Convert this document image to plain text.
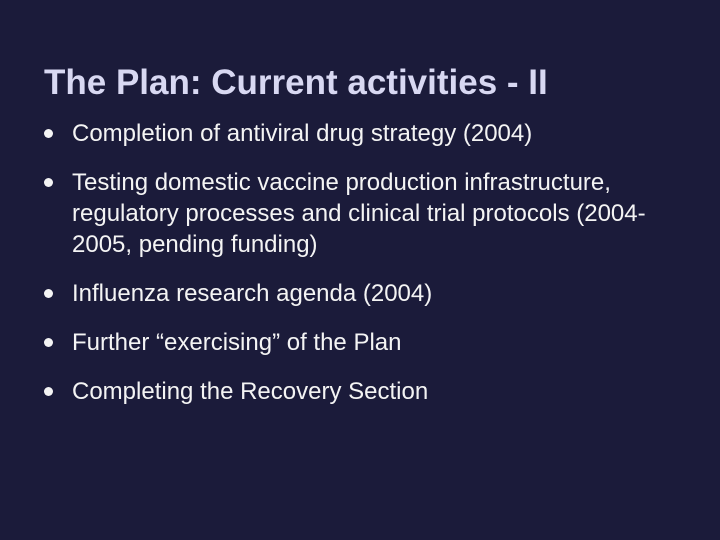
The Plan: Current activities - II
Completion of antiviral drug strategy (2004)
Testing domestic vaccine production infrastructure, regulatory processes and clinical trial protocols (2004-2005, pending funding)
Influenza research agenda (2004)
Further “exercising” of the Plan
Completing the Recovery Section
